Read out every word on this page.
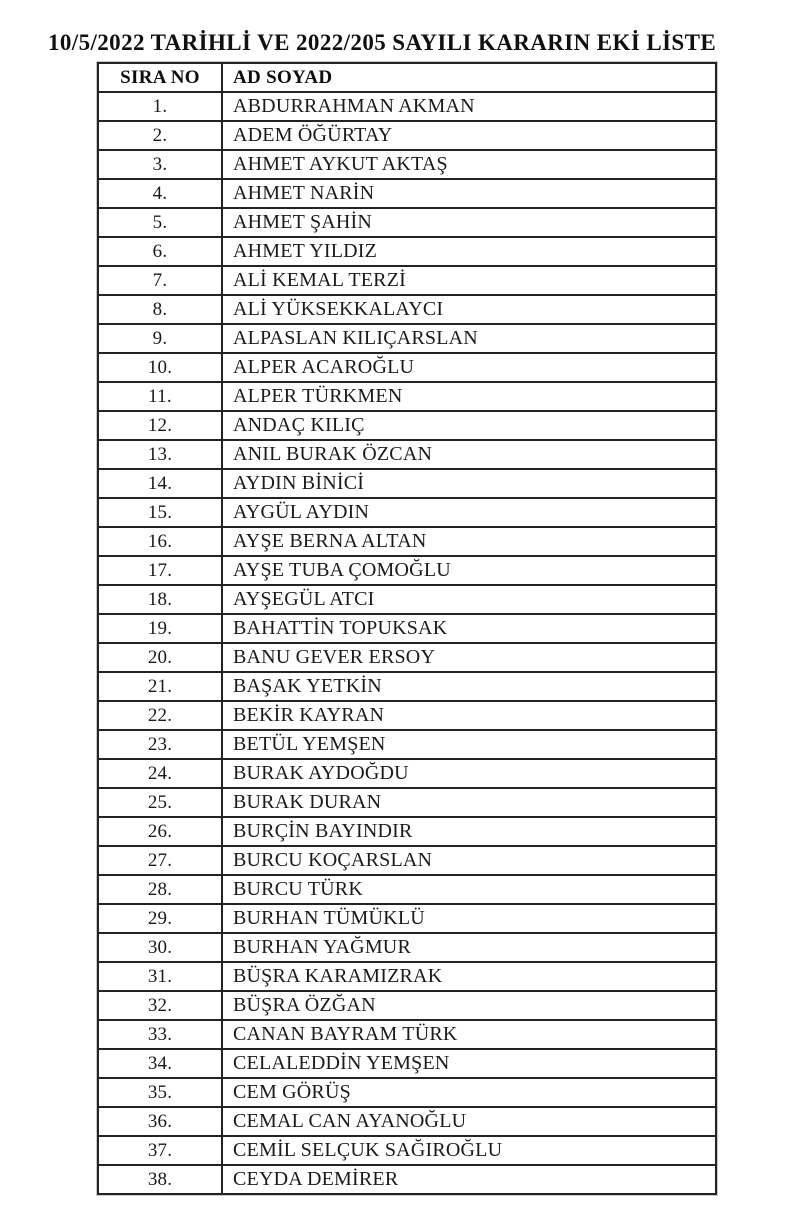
10/5/2022 TARİHLİ VE 2022/205 SAYILI KARARIN EKİ LİSTE
SIRA NO	AD SOYAD
1.	ABDURRAHMAN AKMAN
2.	ADEM ÖĞÜRTAY
3.	AHMET AYKUT AKTAŞ
4.	AHMET NARİN
5.	AHMET ŞAHİN
6.	AHMET YILDIZ
7.	ALİ KEMAL TERZİ
8.	ALİ YÜKSEKKALAYCI
9.	ALPASLAN KILIÇARSLAN
10.	ALPER ACAROĞLU
11.	ALPER TÜRKMEN
12.	ANDAÇ KILIÇ
13.	ANIL BURAK ÖZCAN
14.	AYDIN BİNİCİ
15.	AYGÜL AYDIN
16.	AYŞE BERNA ALTAN
17.	AYŞE TUBA ÇOMOĞLU
18.	AYŞEGÜL ATCI
19.	BAHATTİN TOPUKSAK
20.	BANU GEVER ERSOY
21.	BAŞAK YETKİN
22.	BEKİR KAYRAN
23.	BETÜL YEMŞEN
24.	BURAK AYDOĞDU
25.	BURAK DURAN
26.	BURÇİN BAYINDIR
27.	BURCU KOÇARSLAN
28.	BURCU TÜRK
29.	BURHAN TÜMÜKLÜ
30.	BURHAN YAĞMUR
31.	BÜŞRA KARAMIZRAK
32.	BÜŞRA ÖZĞAN
33.	CANAN BAYRAM TÜRK
34.	CELALEDDİN YEMŞEN
35.	CEM GÖRÜŞ
36.	CEMAL CAN AYANOĞLU
37.	CEMİL SELÇUK SAĞIROĞLU
38.	CEYDA DEMİRER
